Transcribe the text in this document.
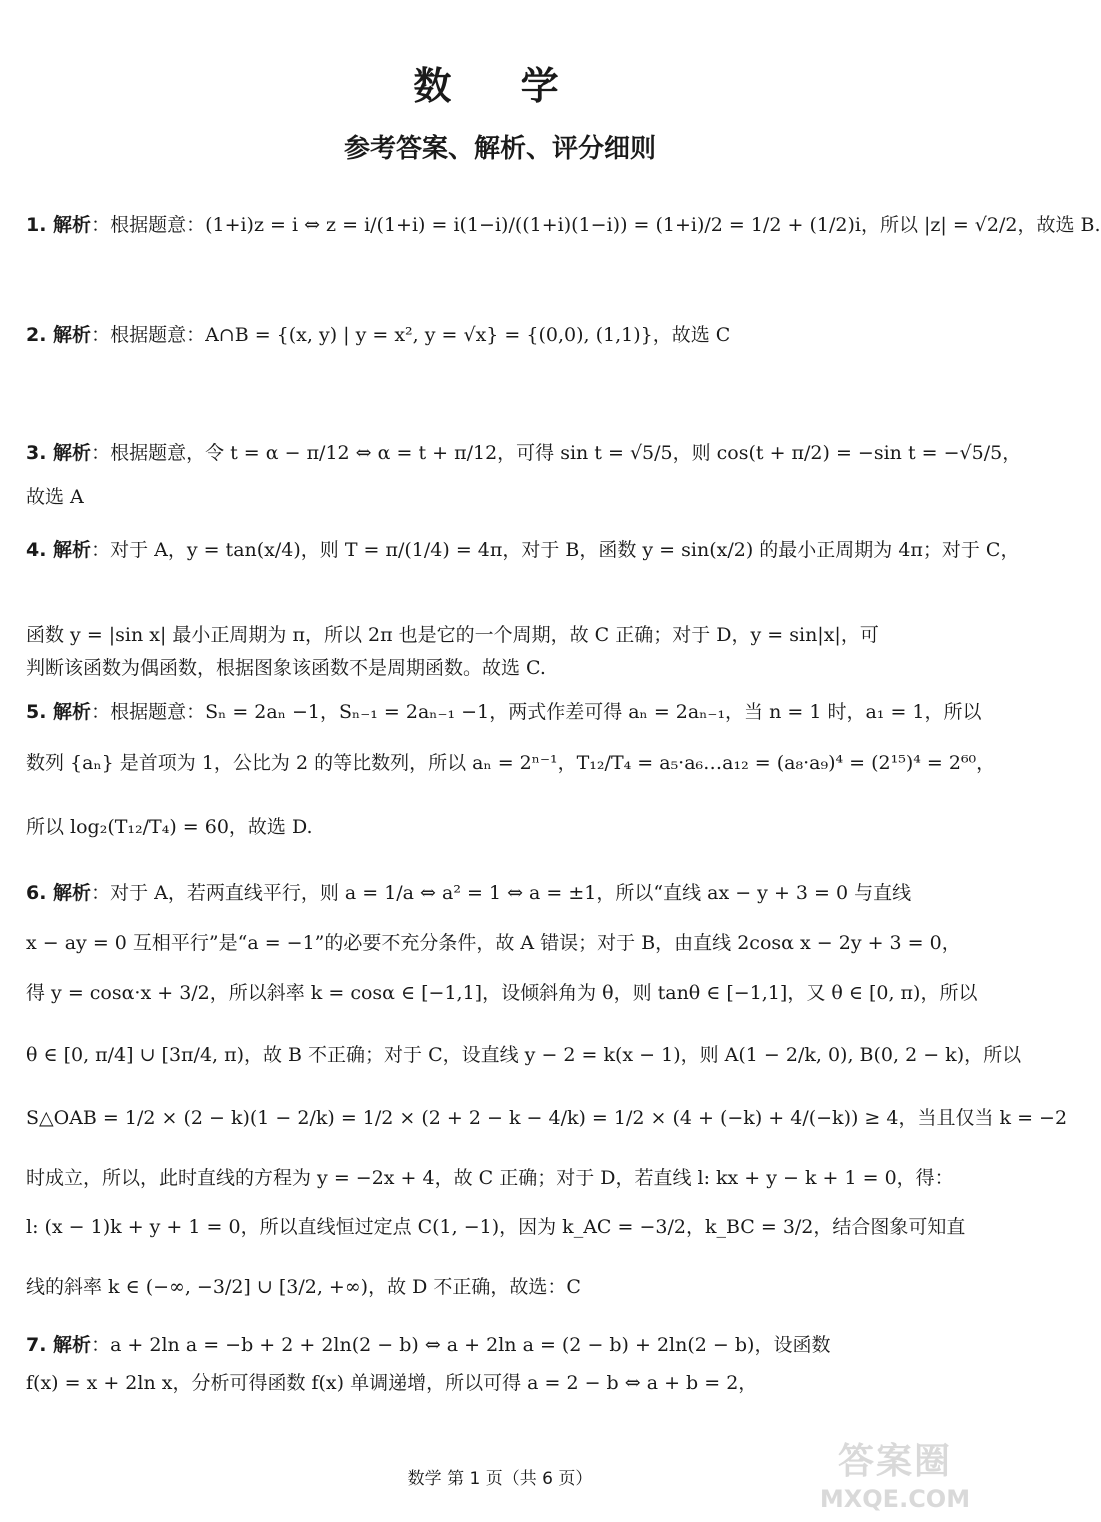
数 学
参考答案、解析、评分细则
1. 解析：根据题意：(1+i)z = i ⇔ z = i/(1+i) = i(1−i)/((1+i)(1−i)) = (1+i)/2 = 1/2 + (1/2)i，所以 |z| = √2/2，故选 B.
2. 解析：根据题意：A∩B = {(x, y) | y = x², y = √x} = {(0,0), (1,1)}，故选 C
3. 解析：根据题意，令 t = α − π/12 ⇔ α = t + π/12，可得 sin t = √5/5，则 cos(t + π/2) = −sin t = −√5/5，
故选 A
4. 解析：对于 A，y = tan(x/4)，则 T = π/(1/4) = 4π，对于 B，函数 y = sin(x/2) 的最小正周期为 4π；对于 C，
函数 y = |sin x| 最小正周期为 π，所以 2π 也是它的一个周期，故 C 正确；对于 D，y = sin|x|，可
判断该函数为偶函数，根据图象该函数不是周期函数。故选 C.
5. 解析：根据题意：Sₙ = 2aₙ −1，Sₙ₋₁ = 2aₙ₋₁ −1，两式作差可得 aₙ = 2aₙ₋₁，当 n = 1 时，a₁ = 1，所以
数列 {aₙ} 是首项为 1，公比为 2 的等比数列，所以 aₙ = 2ⁿ⁻¹，T₁₂/T₄ = a₅·a₆…a₁₂ = (a₈·a₉)⁴ = (2¹⁵)⁴ = 2⁶⁰，
所以 log₂(T₁₂/T₄) = 60，故选 D.
6. 解析：对于 A，若两直线平行，则 a = 1/a ⇔ a² = 1 ⇔ a = ±1，所以“直线 ax − y + 3 = 0 与直线
x − ay = 0 互相平行”是“a = −1”的必要不充分条件，故 A 错误；对于 B，由直线 2cosα x − 2y + 3 = 0，
得 y = cosα·x + 3/2，所以斜率 k = cosα ∈ [−1,1]，设倾斜角为 θ，则 tanθ ∈ [−1,1]，又 θ ∈ [0, π)，所以
θ ∈ [0, π/4] ∪ [3π/4, π)，故 B 不正确；对于 C，设直线 y − 2 = k(x − 1)，则 A(1 − 2/k, 0), B(0, 2 − k)，所以
S△OAB = 1/2 × (2 − k)(1 − 2/k) = 1/2 × (2 + 2 − k − 4/k) = 1/2 × (4 + (−k) + 4/(−k)) ≥ 4，当且仅当 k = −2
时成立，所以，此时直线的方程为 y = −2x + 4，故 C 正确；对于 D，若直线 l: kx + y − k + 1 = 0，得：
l: (x − 1)k + y + 1 = 0，所以直线恒过定点 C(1, −1)，因为 k_AC = −3/2，k_BC = 3/2，结合图象可知直
线的斜率 k ∈ (−∞, −3/2] ∪ [3/2, +∞)，故 D 不正确，故选：C
7. 解析：a + 2ln a = −b + 2 + 2ln(2 − b) ⇔ a + 2ln a = (2 − b) + 2ln(2 − b)，设函数
f(x) = x + 2ln x，分析可得函数 f(x) 单调递增，所以可得 a = 2 − b ⇔ a + b = 2，
数学 第 1 页（共 6 页）	答案圈
MXQE.COM
